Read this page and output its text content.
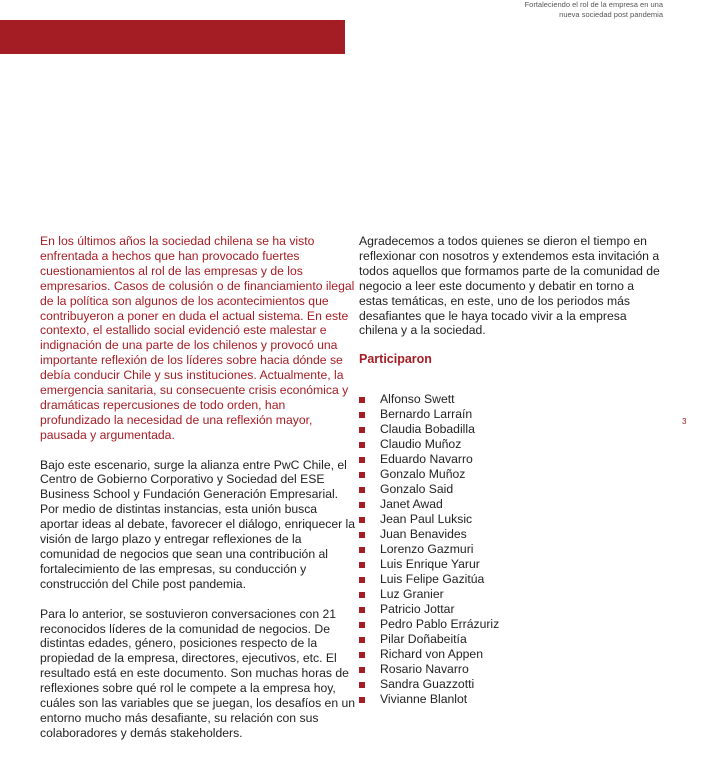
Fortaleciendo el rol de la empresa en una
nueva sociedad post pandemia

En los últimos años la sociedad chilena se ha visto enfrentada a hechos que han provocado fuertes cuestionamientos al rol de las empresas y de los empresarios. Casos de colusión o de financiamiento ilegal de la política son algunos de los acontecimientos que contribuyeron a poner en duda el actual sistema. En este contexto, el estallido social evidenció este malestar e indignación de una parte de los chilenos y provocó una importante reflexión de los líderes sobre hacia dónde se debía conducir Chile y sus instituciones. Actualmente, la emergencia sanitaria, su consecuente crisis económica y dramáticas repercusiones de todo orden, han profundizado la necesidad de una reflexión mayor, pausada y argumentada.

Bajo este escenario, surge la alianza entre PwC Chile, el Centro de Gobierno Corporativo y Sociedad del ESE Business School y Fundación Generación Empresarial. Por medio de distintas instancias, esta unión busca aportar ideas al debate, favorecer el diálogo, enriquecer la visión de largo plazo y entregar reflexiones de la comunidad de negocios que sean una contribución al fortalecimiento de las empresas, su conducción y construcción del Chile post pandemia.

Para lo anterior, se sostuvieron conversaciones con 21 reconocidos líderes de la comunidad de negocios. De distintas edades, género, posiciones respecto de la propiedad de la empresa, directores, ejecutivos, etc. El resultado está en este documento. Son muchas horas de reflexiones sobre qué rol le compete a la empresa hoy, cuáles son las variables que se juegan, los desafíos en un entorno mucho más desafiante, su relación con sus colaboradores y demás stakeholders.

Agradecemos a todos quienes se dieron el tiempo en reflexionar con nosotros y extendemos esta invitación a todos aquellos que formamos parte de la comunidad de negocio a leer este documento y debatir en torno a estas temáticas, en este, uno de los periodos más desafiantes que le haya tocado vivir a la empresa chilena y a la sociedad.

Participaron

Alfonso Swett
Bernardo Larraín
Claudia Bobadilla
Claudio Muñoz
Eduardo Navarro
Gonzalo Muñoz
Gonzalo Said
Janet Awad
Jean Paul Luksic
Juan Benavides
Lorenzo Gazmuri
Luis Enrique Yarur
Luis Felipe Gazitúa
Luz Granier
Patricio Jottar
Pedro Pablo Errázuriz
Pilar Doñabeitía
Richard von Appen
Rosario Navarro
Sandra Guazzotti
Vivianne Blanlot
3
